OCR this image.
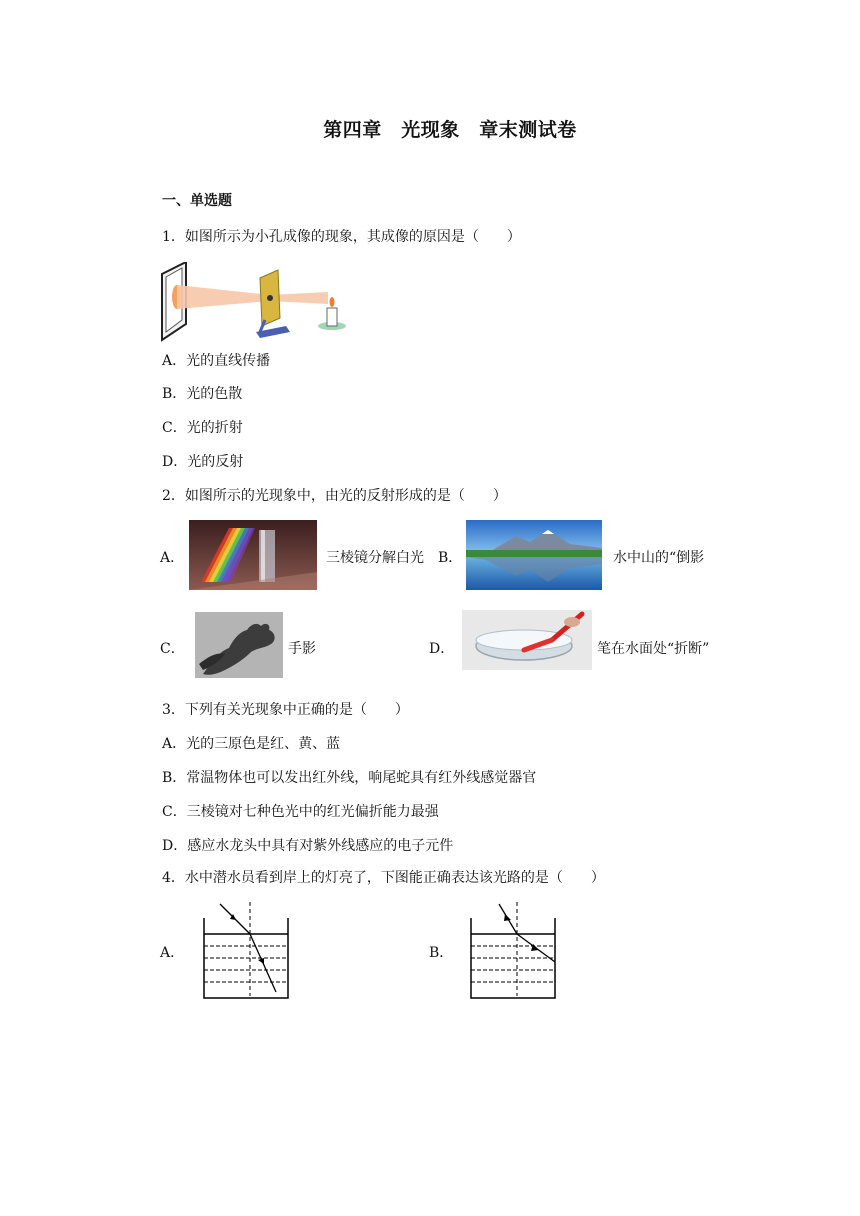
第四章　光现象　章末测试卷
一、单选题
1．如图所示为小孔成像的现象，其成像的原因是（　　）
A．光的直线传播
B．光的色散
C．光的折射
D．光的反射
2．如图所示的光现象中，由光的反射形成的是（　　）
A．	三棱镜分解白光 B．	水中山的“倒影
C．	手影	D．	笔在水面处“折断”
3．下列有关光现象中正确的是（　　）
A．光的三原色是红、黄、蓝
B．常温物体也可以发出红外线，响尾蛇具有红外线感觉器官
C．三棱镜对七种色光中的红光偏折能力最强
D．感应水龙头中具有对紫外线感应的电子元件
4．水中潜水员看到岸上的灯亮了，下图能正确表达该光路的是（　　）
A．	B．
